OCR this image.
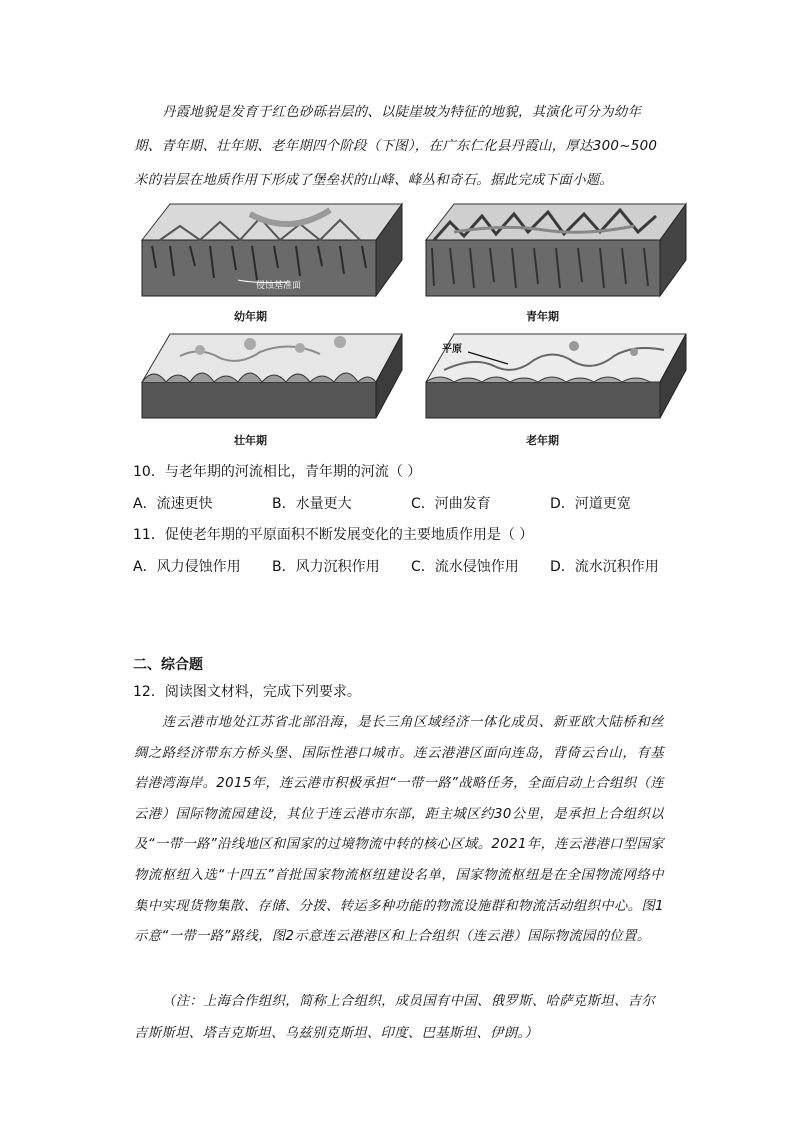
丹霞地貌是发育于红色砂砾岩层的、以陡崖坡为特征的地貌，其演化可分为幼年期、青年期、壮年期、老年期四个阶段（下图），在广东仁化县丹霞山，厚达300~500米的岩层在地质作用下形成了堡垒状的山峰、峰丛和奇石。据此完成下面小题。

侵蚀基准面
幼年期	青年期
壮年期
平原
老年期
10．与老年期的河流相比，青年期的河流（ ）
A．流速更快	B．水量更大	C．河曲发育	D．河道更宽
11．促使老年期的平原面积不断发展变化的主要地质作用是（ ）
A．风力侵蚀作用 B．风力沉积作用 C．流水侵蚀作用 D．流水沉积作用
二、综合题
12．阅读图文材料，完成下列要求。

连云港市地处江苏省北部沿海，是长三角区域经济一体化成员、新亚欧大陆桥和丝绸之路经济带东方桥头堡、国际性港口城市。连云港港区面向连岛，背倚云台山，有基岩港湾海岸。2015年，连云港市积极承担“一带一路”战略任务，全面启动上合组织（连云港）国际物流园建设，其位于连云港市东部，距主城区约30公里，是承担上合组织以及“一带一路”沿线地区和国家的过境物流中转的核心区域。2021年，连云港港口型国家物流枢纽入选“十四五”首批国家物流枢纽建设名单，国家物流枢纽是在全国物流网络中集中实现货物集散、存储、分拨、转运多种功能的物流设施群和物流活动组织中心。图1示意“一带一路”路线，图2示意连云港港区和上合组织（连云港）国际物流园的位置。

（注：上海合作组织，简称上合组织，成员国有中国、俄罗斯、哈萨克斯坦、吉尔吉斯斯坦、塔吉克斯坦、乌兹别克斯坦、印度、巴基斯坦、伊朗。）
